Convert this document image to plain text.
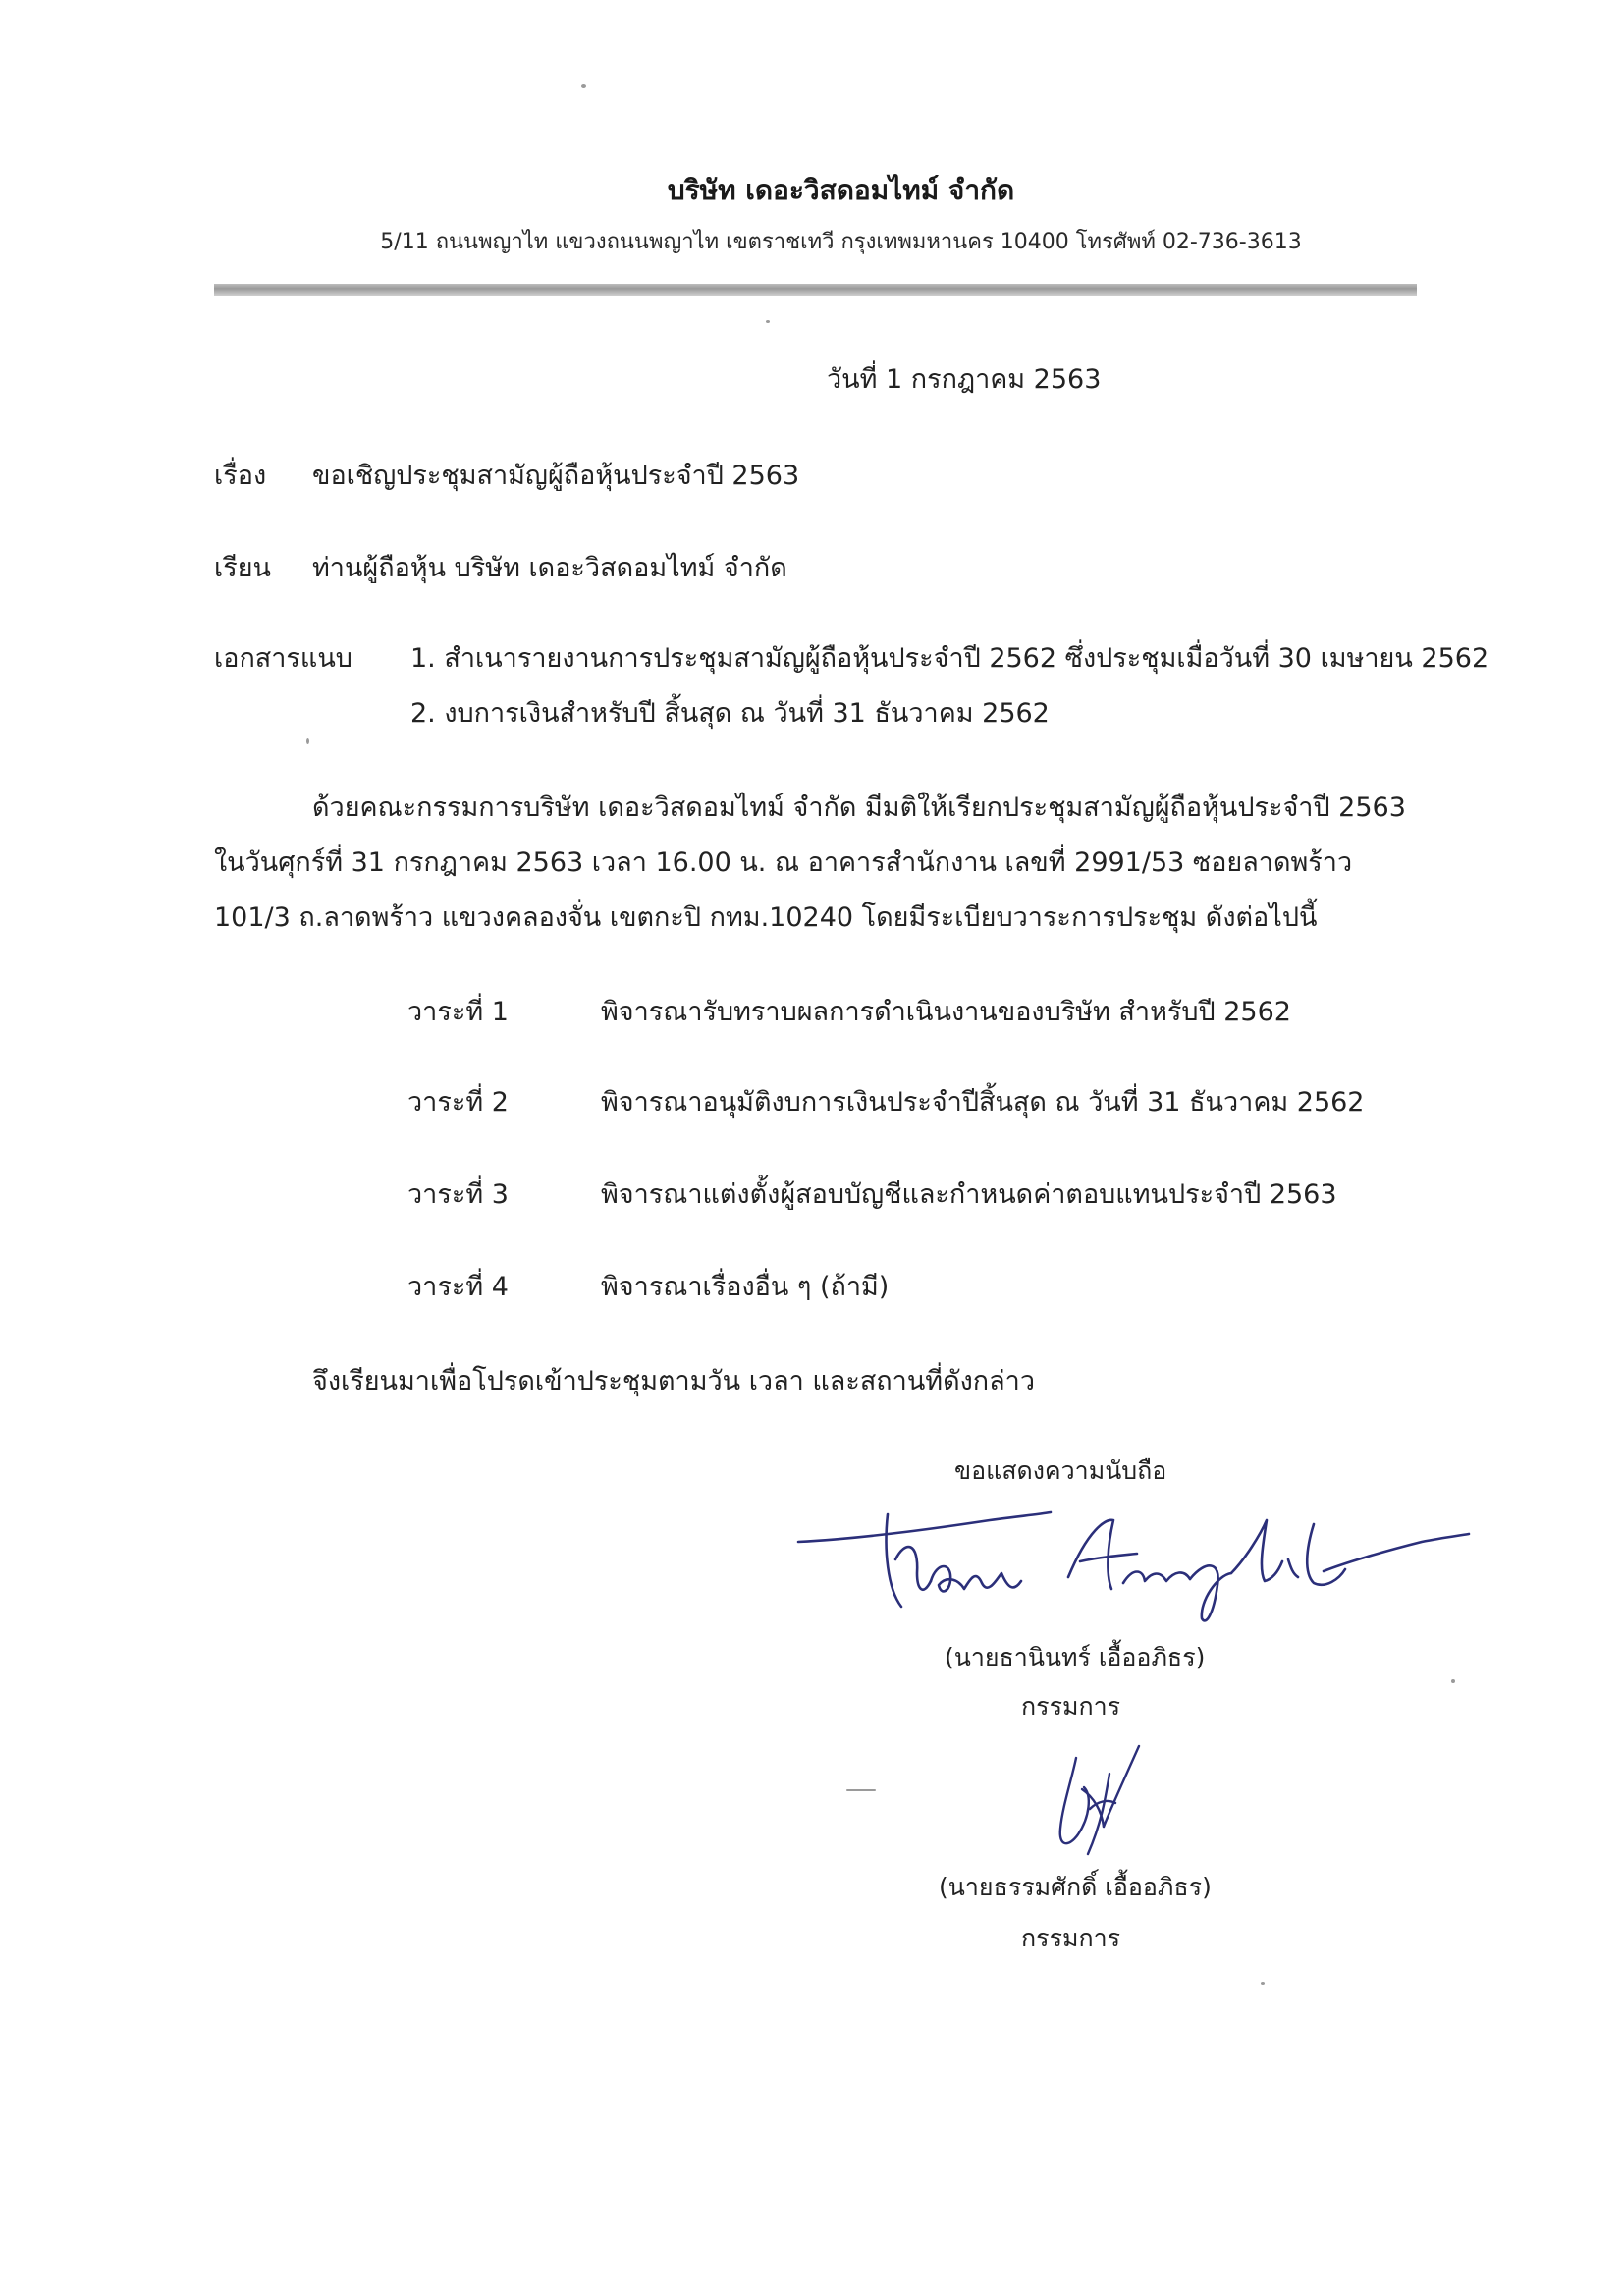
บริษัท เดอะวิสดอมไทม์ จำกัด
5/11 ถนนพญาไท แขวงถนนพญาไท เขตราชเทวี กรุงเทพมหานคร 10400 โทรศัพท์ 02-736-3613
วันที่ 1 กรกฎาคม 2563
เรื่อง ขอเชิญประชุมสามัญผู้ถือหุ้นประจำปี 2563
เรียน ท่านผู้ถือหุ้น บริษัท เดอะวิสดอมไทม์ จำกัด
เอกสารแนบ 1. สำเนารายงานการประชุมสามัญผู้ถือหุ้นประจำปี 2562 ซึ่งประชุมเมื่อวันที่ 30 เมษายน 2562
2. งบการเงินสำหรับปี สิ้นสุด ณ วันที่ 31 ธันวาคม 2562
ด้วยคณะกรรมการบริษัท เดอะวิสดอมไทม์ จำกัด มีมติให้เรียกประชุมสามัญผู้ถือหุ้นประจำปี 2563
ในวันศุกร์ที่ 31 กรกฎาคม 2563 เวลา 16.00 น. ณ อาคารสำนักงาน เลขที่ 2991/53 ซอยลาดพร้าว
101/3 ถ.ลาดพร้าว แขวงคลองจั่น เขตกะปิ กทม.10240 โดยมีระเบียบวาระการประชุม ดังต่อไปนี้
วาระที่ 1	พิจารณารับทราบผลการดำเนินงานของบริษัท สำหรับปี 2562
วาระที่ 2	พิจารณาอนุมัติงบการเงินประจำปีสิ้นสุด ณ วันที่ 31 ธันวาคม 2562
วาระที่ 3	พิจารณาแต่งตั้งผู้สอบบัญชีและกำหนดค่าตอบแทนประจำปี 2563
วาระที่ 4	พิจารณาเรื่องอื่น ๆ (ถ้ามี)
จึงเรียนมาเพื่อโปรดเข้าประชุมตามวัน เวลา และสถานที่ดังกล่าว
ขอแสดงความนับถือ
(นายธานินทร์ เอื้ออภิธร)
กรรมการ
(นายธรรมศักดิ์ เอื้ออภิธร)
กรรมการ
